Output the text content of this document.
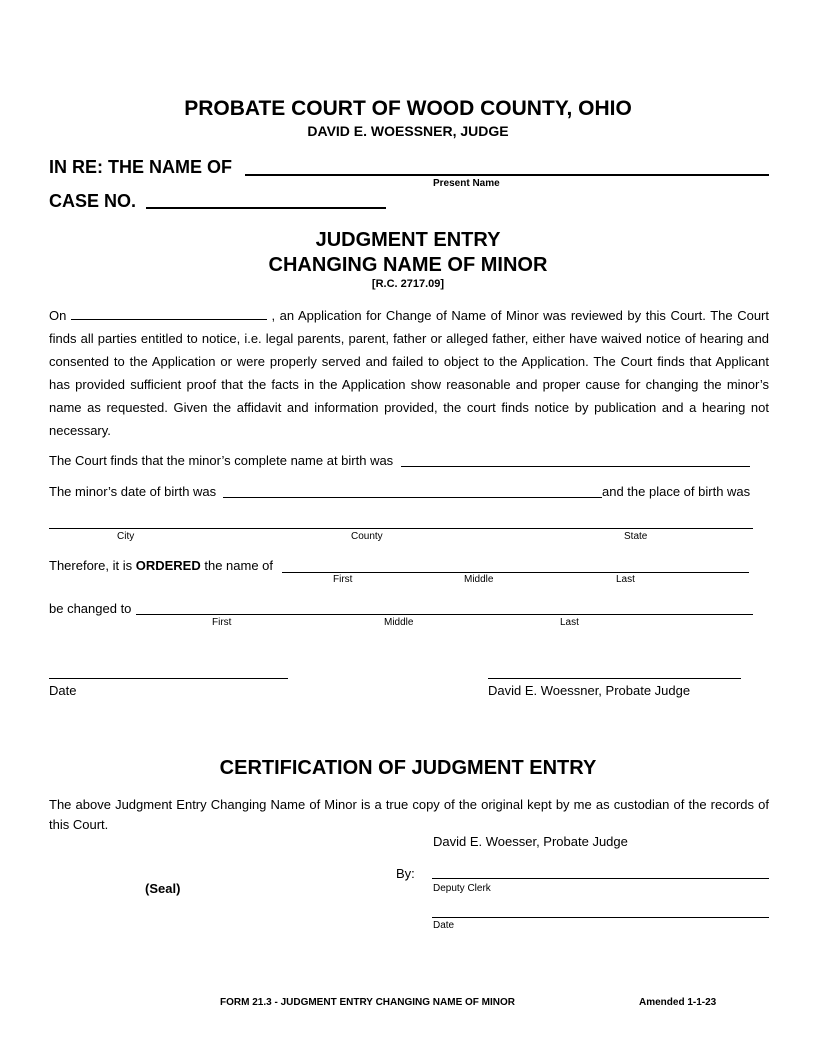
PROBATE COURT OF WOOD COUNTY, OHIO
DAVID E. WOESSNER, JUDGE
IN RE: THE NAME OF
Present Name
CASE NO.
JUDGMENT ENTRY
CHANGING NAME OF MINOR
[R.C. 2717.09]
On	, an Application for Change of Name of Minor was reviewed by this Court. The Court finds all parties entitled to notice, i.e. legal parents, parent, father or alleged father, either have waived notice of hearing and consented to the Application or were properly served and failed to object to the Application. The Court finds that Applicant has provided sufficient proof that the facts in the Application show reasonable and proper cause for changing the minor’s name as requested. Given the affidavit and information provided, the court finds notice by publication and a hearing not necessary.
The Court finds that the minor’s complete name at birth was
The minor’s date of birth was	and the place of birth was
City	County	State
Therefore, it is ORDERED the name of
First	Middle	Last
be changed to
First	Middle	Last
Date	David E. Woessner, Probate Judge
CERTIFICATION OF JUDGMENT ENTRY
The above Judgment Entry Changing Name of Minor is a true copy of the original kept by me as custodian of the records of this Court.
David E. Woesser, Probate Judge
By:
Deputy Clerk
(Seal)
Date
FORM 21.3 - JUDGMENT ENTRY CHANGING NAME OF MINOR	Amended 1-1-23
